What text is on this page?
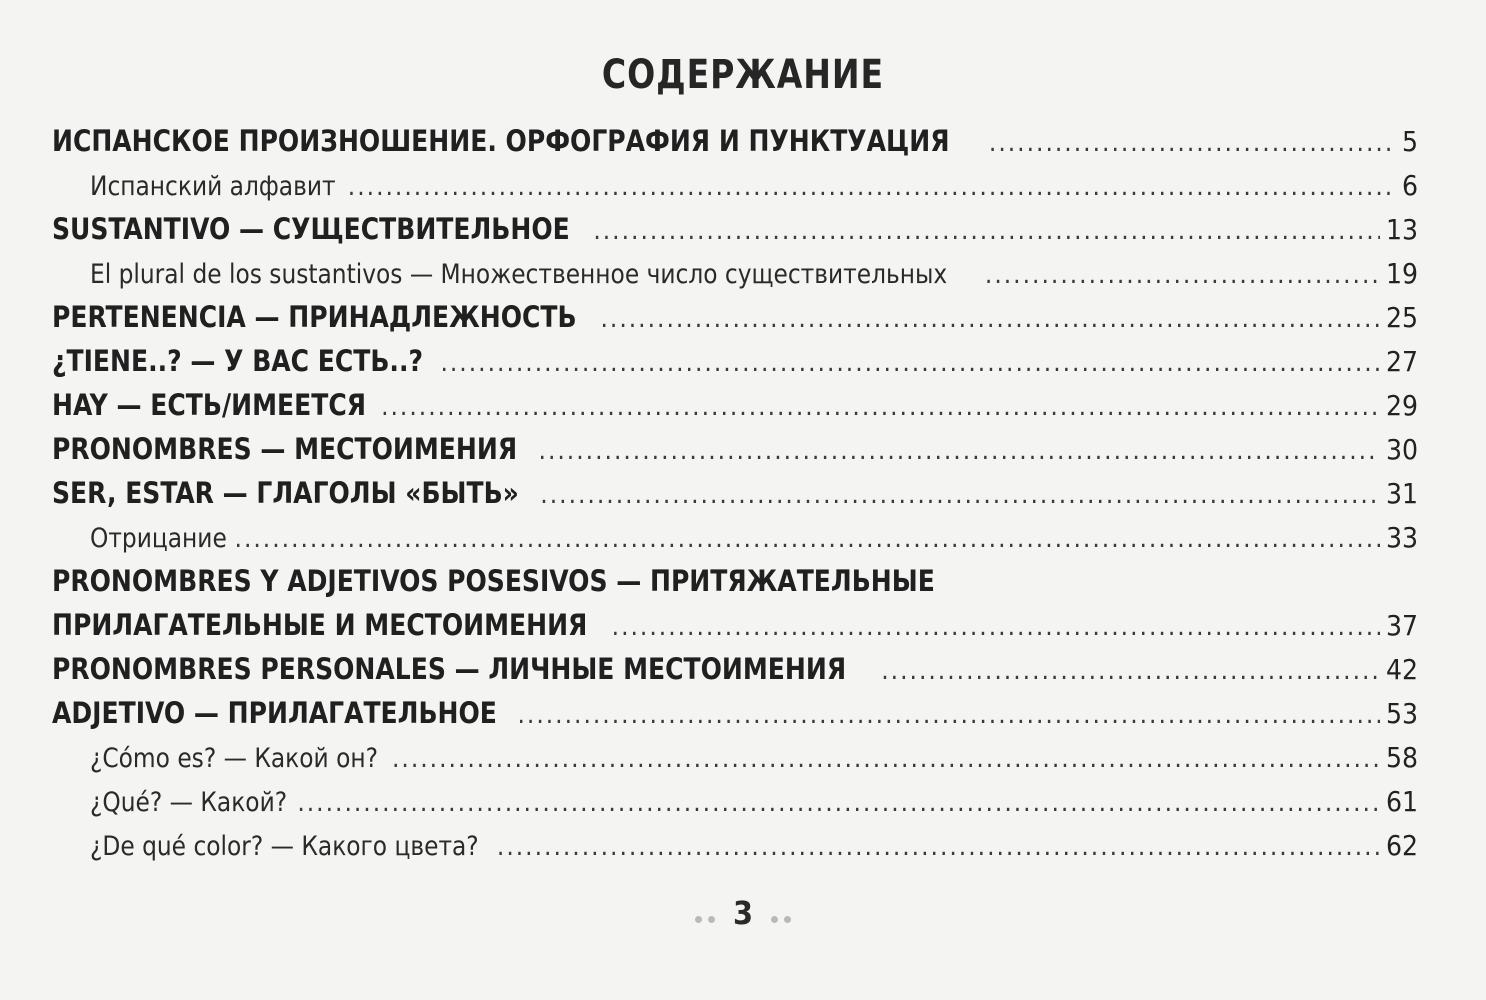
СОДЕРЖАНИЕ
ИСПАНСКОЕ ПРОИЗНОШЕНИЕ. ОРФОГРАФИЯ И ПУНКТУАЦИЯ .....	5
Испанский алфавит .....	6
SUSTANTIVO — СУЩЕСТВИТЕЛЬНОЕ .....	13
El plural de los sustantivos — Множественное число существительных .....	19
PERTENENCIA — ПРИНАДЛЕЖНОСТЬ .....	25
¿TIENE..? — У ВАС ЕСТЬ..? .....	27
HAY — ЕСТЬ/ИМЕЕТСЯ .....	29
PRONOMBRES — МЕСТОИМЕНИЯ .....	30
SER, ESTAR — ГЛАГОЛЫ «БЫТЬ» .....	31
Отрицание .....	33
PRONOMBRES Y ADJETIVOS POSESIVOS — ПРИТЯЖАТЕЛЬНЫЕ
ПРИЛАГАТЕЛЬНЫЕ И МЕСТОИМЕНИЯ .....	37
PRONOMBRES PERSONALES — ЛИЧНЫЕ МЕСТОИМЕНИЯ .....	42
ADJETIVO — ПРИЛАГАТЕЛЬНОЕ .....	53
¿Cómo es? — Какой он? .....	58
¿Qué? — Какой? .....	61
¿De qué color? — Какого цвета? .....	62
3
